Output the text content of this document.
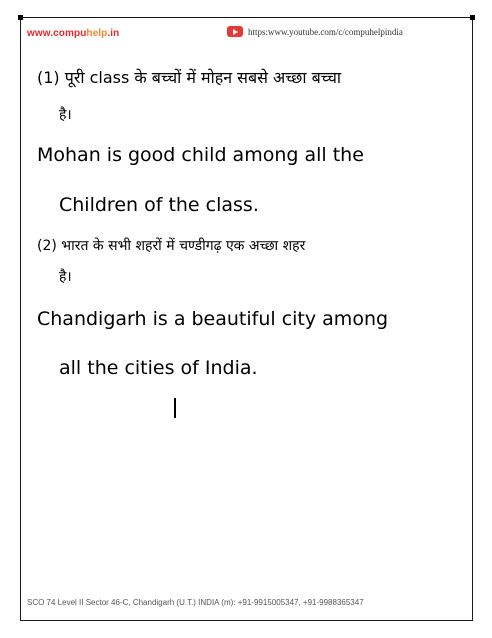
www.compuhelp.in	https:www.youtube.com/c/compuhelpindia
(1) पूरी class के बच्चों में मोहन सबसे अच्छा बच्चा
है।
Mohan is good child among all the
Children of the class.
(2) भारत के सभी शहरों में चण्डीगढ़ एक अच्छा शहर
है।
Chandigarh is a beautiful city among
all the cities of India.
SCO 74 Level II Sector 46-C, Chandigarh (U.T.) INDIA (m): +91-9915005347, +91-9988365347
